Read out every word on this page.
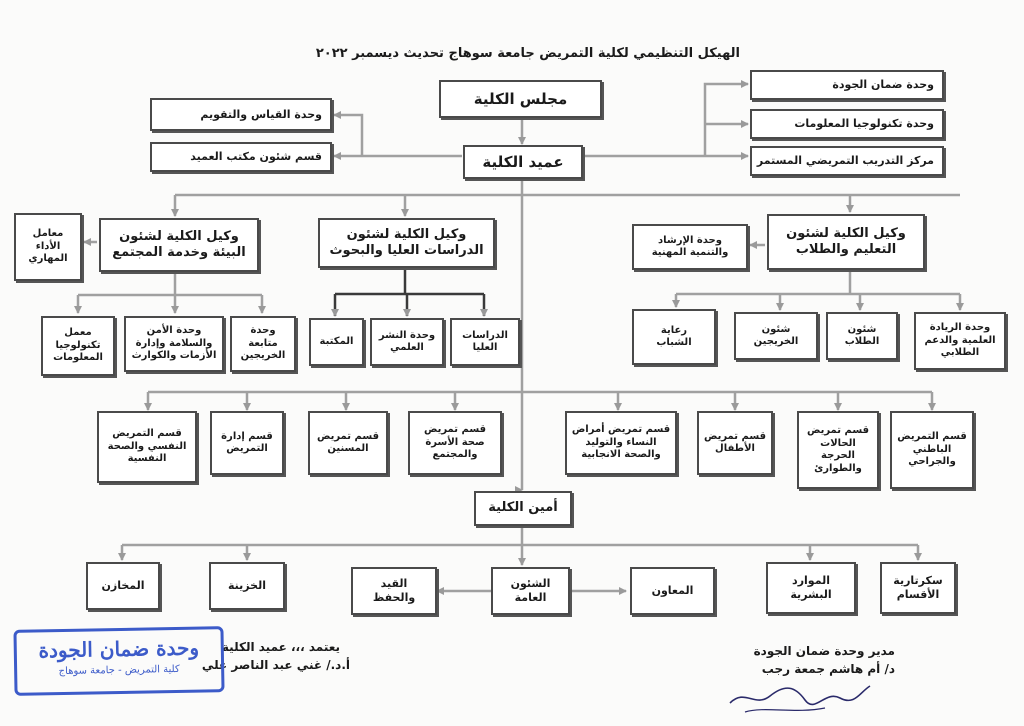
الهيكل التنظيمي لكلية التمريض جامعة سوهاج تحديث ديسمبر ٢٠٢٢
مجلس الكلية
عميد الكلية
وحدة القياس والتقويم
قسم شئون مكتب العميد
وحدة ضمان الجودة
وحدة تكنولوجيا المعلومات
مركز التدريب التمريضي المستمر
وكيل الكلية لشئون
البيئة وخدمة المجتمع
وكيل الكلية لشئون
الدراسات العليا والبحوث
وكيل الكلية لشئون
التعليم والطلاب
معامل
الأداء
المهاري
وحدة الإرشاد
والتنمية المهنية
معمل
تكنولوجيا
المعلومات
وحدة الأمن
والسلامة وإدارة
الأزمات والكوارث
وحدة
متابعة
الخريجين
المكتبة
وحدة النشر
العلمي
الدراسات
العليا
رعاية
الشباب
شئون
الخريجين
شئون
الطلاب
وحدة الريادة
العلمية والدعم
الطلابي
قسم التمريض
النفسي والصحة
النفسية
قسم إدارة
التمريض
قسم تمريض
المسنين
قسم تمريض
صحة الأسرة
والمجتمع
قسم تمريض أمراض
النساء والتوليد
والصحة الانجابية
قسم تمريض
الأطفال
قسم تمريض
الحالات
الحرجة
والطوارئ
قسم التمريض
الباطني
والجراحي
أمين الكلية
المخازن	الخزينة	القيد
والحفظ
الشئون
العامة
المعاون
الموارد
البشرية
سكرتارية
الأقسام
يعتمد ،،، عميد الكلية
أ.د./ غني عبد الناصر علي
مدير وحدة ضمان الجودة
د/ أم هاشم جمعة رجب
وحدة ضمان الجودة
كلية التمريض - جامعة سوهاج
